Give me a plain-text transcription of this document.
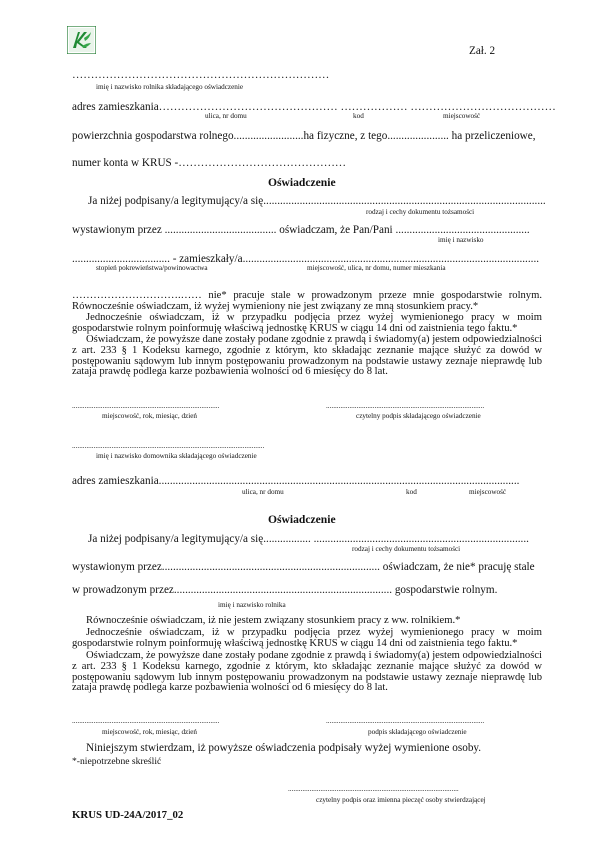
Zał. 2
……………………………………………………………
imię i nazwisko rolnika składającego oświadczenie
adres zamieszkania………………………………………… ……………… …………………………………
ulica, nr domu	kod	miejscowość
powierzchnia gospodarstwa rolnego.........................ha fizyczne, z tego...................... ha przeliczeniowe,
numer konta w KRUS -………………………………………
Oświadczenie
Ja niżej podpisany/a legitymujący/a się.....................................................................................................
rodzaj i cechy dokumentu tożsamości
wystawionym przez ........................................ oświadczam, że Pan/Pani ................................................
imię i nazwisko
................................... - zamieszkały/a..........................................................................................................
stopień pokrewieństwa/powinowactwa	miejscowość, ulica, nr domu, numer mieszkania
………………………….…… nie* pracuje stale w prowadzonym przeze mnie gospodarstwie rolnym. Równocześnie oświadczam, iż wyżej wymieniony nie jest związany ze mną stosunkiem pracy.*
Jednocześnie oświadczam, iż w przypadku podjęcia przez wyżej wymienionego pracy w moim gospodarstwie rolnym poinformuję właściwą jednostkę KRUS w ciągu 14 dni od zaistnienia tego faktu.*
Oświadczam, że powyższe dane zostały podane zgodnie z prawdą i świadomy(a) jestem odpowiedzialności z art. 233 § 1 Kodeksu karnego, zgodnie z którym, kto składając zeznanie mające służyć za dowód w postępowaniu sądowym lub innym postępowaniu prowadzonym na podstawie ustawy zeznaje nieprawdę lub zataja prawdę podlega karze pozbawienia wolności od 6 miesięcy do 8 lat.
..................................................................................
miejscowość, rok, miesiąc, dzień
........................................................................................
czytelny podpis składającego oświadczenie
...........................................................................................................
imię i nazwisko domownika składającego oświadczenie
adres zamieszkania.................................................................................................................................
ulica, nr domu	kod	miejscowość
Oświadczenie
Ja niżej podpisany/a legitymujący/a się................. .............................................................................
rodzaj i cechy dokumentu tożsamości
wystawionym przez.............................................................................. oświadczam, że nie* pracuję stale
w prowadzonym przez.............................................................................. gospodarstwie rolnym.
imię i nazwisko rolnika
Równocześnie oświadczam, iż nie jestem związany stosunkiem pracy z ww. rolnikiem.*
Jednocześnie oświadczam, iż w przypadku podjęcia przez wyżej wymienionego pracy w moim gospodarstwie rolnym poinformuję właściwą jednostkę KRUS w ciągu 14 dni od zaistnienia tego faktu.*
Oświadczam, że powyższe dane zostały podane zgodnie z prawdą i świadomy(a) jestem odpowiedzialności z art. 233 § 1 Kodeksu karnego, zgodnie z którym, kto składając zeznanie mające służyć za dowód w postępowaniu sądowym lub innym postępowaniu prowadzonym na podstawie ustawy zeznaje nieprawdę lub zataja prawdę podlega karze pozbawienia wolności od 6 miesięcy do 8 lat.
..................................................................................
miejscowość, rok, miesiąc, dzień
........................................................................................
podpis składającego oświadczenie
Niniejszym stwierdzam, iż powyższe oświadczenia podpisały wyżej wymienione osoby.
*-niepotrzebne skreślić
...............................................................................................
czytelny podpis oraz imienna pieczęć osoby stwierdzającej
KRUS UD-24A/2017_02
